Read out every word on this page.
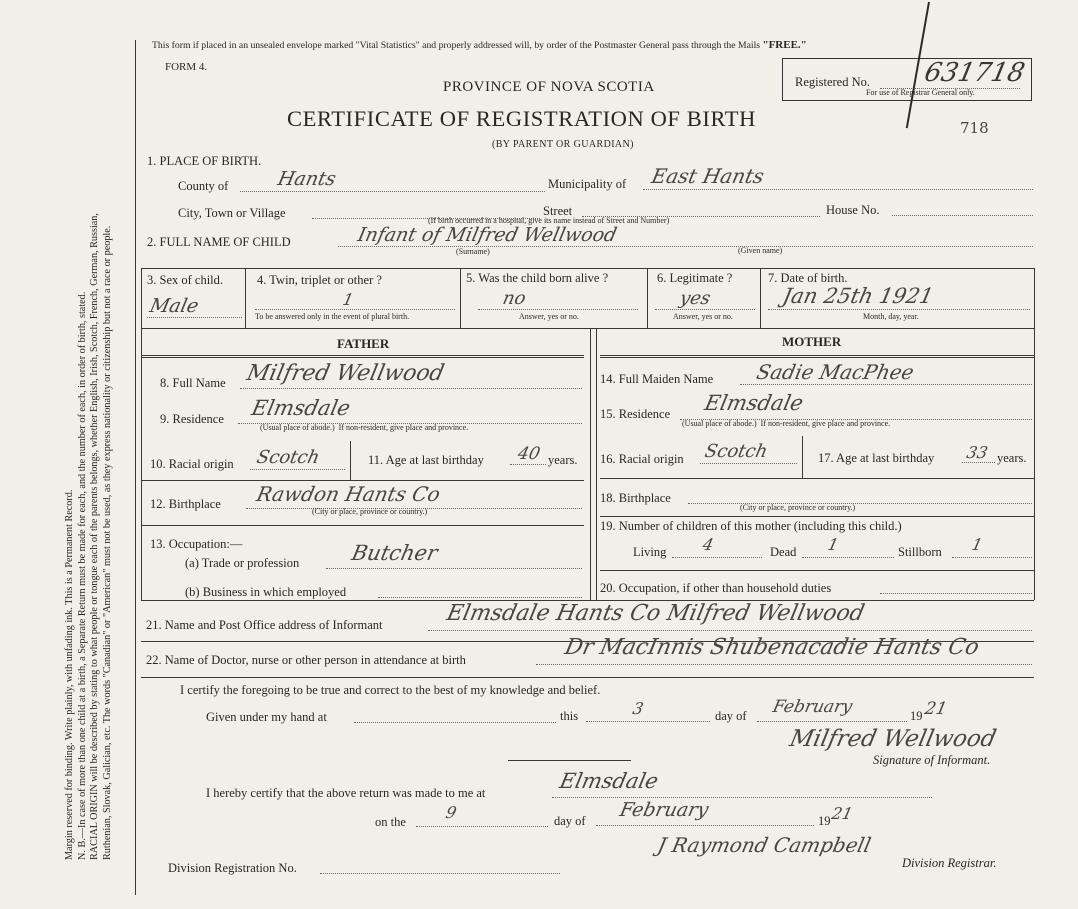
Margin reserved for binding. Write plainly, with unfading ink. This is a Permanent Record. N. B.—In case of more than one child at a birth, a Separate Return must be made for each, and the number of each, in order of birth, stated. RACIAL ORIGIN will be described by stating to what people or tongue each of the parents belongs, whether English, Irish, Scotch, French, German, Russian, Ruthenian, Slovak, Galician, etc. The words "Canadian" or "American" must not be used, as they express nationality or citizenship but not a race or people.
This form if placed in an unsealed envelope marked "Vital Statistics" and properly addressed will, by order of the Postmaster General pass through the Mails "FREE."
FORM 4.
PROVINCE OF NOVA SCOTIA
CERTIFICATE OF REGISTRATION OF BIRTH
(BY PARENT OR GUARDIAN)
Registered No. 631718
For use of Registrar General only.
718
1. PLACE OF BIRTH.
County of Hants	Municipality of East Hants
City, Town or Village	Street	House No.
(If birth occurred in a hospital, give its name instead of Street and Number)
2. FULL NAME OF CHILD	Infant of Milfred Wellwood
(Surname)	(Given name)
3. Sex of child.
Male
4. Twin, triplet or other ?
1
To be answered only in the event of plural birth.
5. Was the child born alive ?
no
Answer, yes or no.
6. Legitimate ?
yes
Answer, yes or no.
7. Date of birth.
Jan 25th 1921
Month, day, year.
FATHER
8. Full Name Milfred Wellwood
9. Residence Elmsdale
(Usual place of abode.) If non-resident, give place and province.
10. Racial origin Scotch	11. Age at last birthday 40 years.
12. Birthplace Rawdon Hants Co
(City or place, province or country.)
13. Occupation:—
(a) Trade or profession Butcher
(b) Business in which employed
MOTHER
14. Full Maiden Name Sadie MacPhee
15. Residence Elmsdale
(Usual place of abode.) If non-resident, give place and province.
16. Racial origin Scotch	17. Age at last birthday 33 years.
18. Birthplace
(City or place, province or country.)
19. Number of children of this mother (including this child.)
Living 4	Dead 1	Stillborn 1
20. Occupation, if other than household duties
21. Name and Post Office address of Informant	Elmsdale Hants Co Milfred Wellwood
22. Name of Doctor, nurse or other person in attendance at birth	Dr MacInnis Shubenacadie Hants Co
I certify the foregoing to be true and correct to the best of my knowledge and belief.
Given under my hand at	this	3	day of February	19 21
Milfred Wellwood
Signature of Informant.
I hereby certify that the above return was made to me at	Elmsdale
on the 9	day of February	19 21
J Raymond Campbell
Division Registrar.
Division Registration No.
